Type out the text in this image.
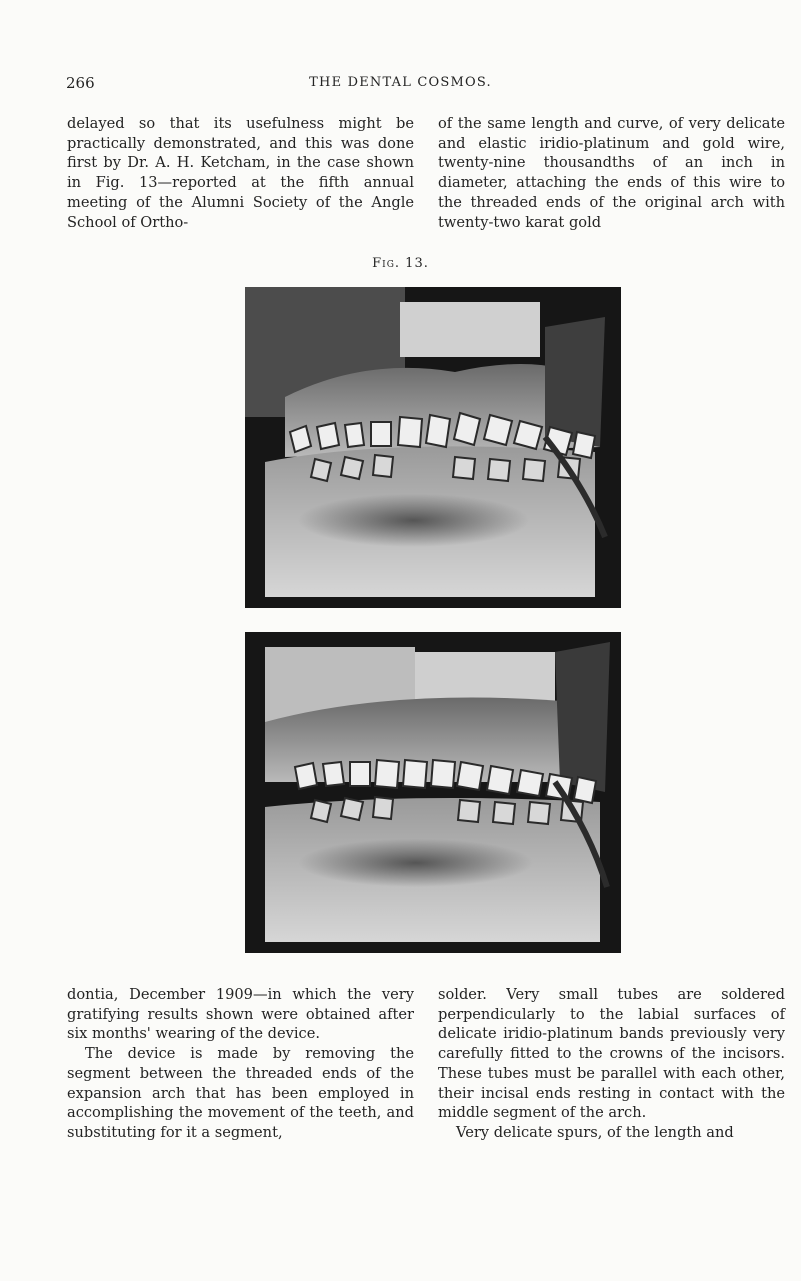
266	THE DENTAL COSMOS.

delayed so that its usefulness might be practically demonstrated, and this was done first by Dr. A. H. Ketcham, in the case shown in Fig. 13—reported at the fifth annual meeting of the Alumni Society of the Angle School of Ortho-

of the same length and curve, of very delicate and elastic iridio-platinum and gold wire, twenty-nine thousandths of an inch in diameter, attaching the ends of this wire to the threaded ends of the original arch with twenty-two karat gold

Fig. 13.

dontia, December 1909—in which the very gratifying results shown were obtained after six months' wearing of the device.

The device is made by removing the segment between the threaded ends of the expansion arch that has been employed in accomplishing the movement of the teeth, and substituting for it a segment,

solder. Very small tubes are soldered perpendicularly to the labial surfaces of delicate iridio-platinum bands previously very carefully fitted to the crowns of the incisors. These tubes must be parallel with each other, their incisal ends resting in contact with the middle segment of the arch.

Very delicate spurs, of the length and
